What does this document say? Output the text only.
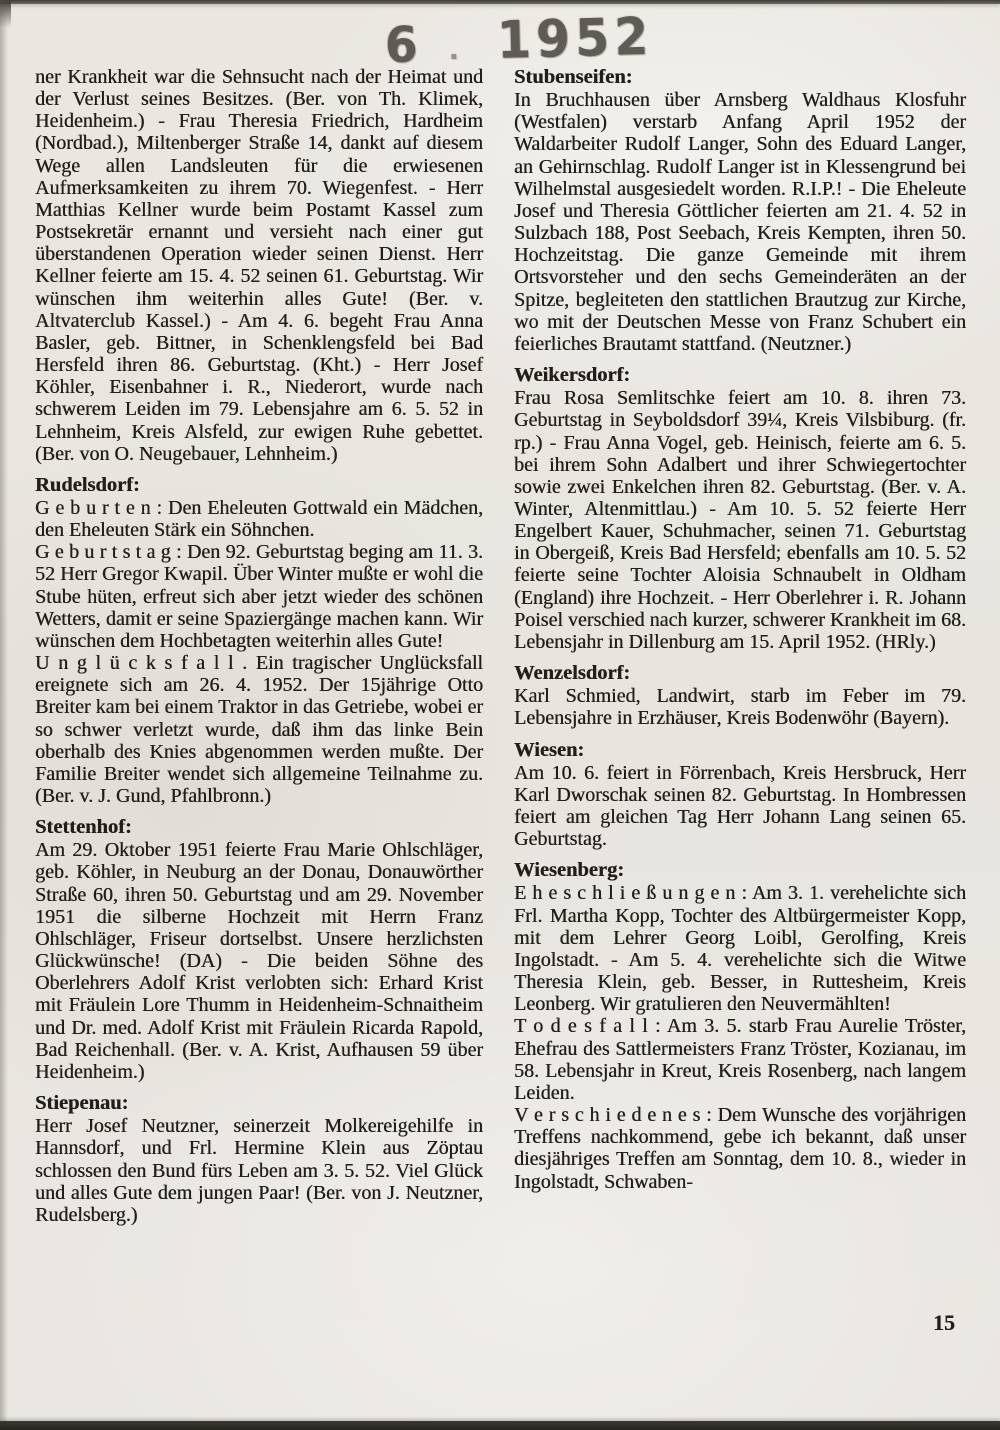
6 . 1952

ner Krankheit war die Sehnsucht nach der Heimat und der Verlust seines Besitzes. (Ber. von Th. Klimek, Heidenheim.) - Frau Theresia Friedrich, Hardheim (Nordbad.), Miltenberger Straße 14, dankt auf diesem Wege allen Landsleuten für die erwiesenen Aufmerksamkeiten zu ihrem 70. Wiegenfest. - Herr Matthias Kellner wurde beim Postamt Kassel zum Postsekretär ernannt und versieht nach einer gut überstandenen Operation wieder seinen Dienst. Herr Kellner feierte am 15. 4. 52 seinen 61. Geburtstag. Wir wünschen ihm weiterhin alles Gute! (Ber. v. Altvaterclub Kassel.) - Am 4. 6. begeht Frau Anna Basler, geb. Bittner, in Schenklengsfeld bei Bad Hersfeld ihren 86. Geburtstag. (Kht.) - Herr Josef Köhler, Eisenbahner i. R., Niederort, wurde nach schwerem Leiden im 79. Lebensjahre am 6. 5. 52 in Lehnheim, Kreis Alsfeld, zur ewigen Ruhe gebettet. (Ber. von O. Neugebauer, Lehnheim.)

Rudelsdorf:

G e b u r t e n : Den Eheleuten Gottwald ein Mädchen, den Eheleuten Stärk ein Söhnchen.

G e b u r t s t a g : Den 92. Geburtstag beging am 11. 3. 52 Herr Gregor Kwapil. Über Winter mußte er wohl die Stube hüten, erfreut sich aber jetzt wieder des schönen Wetters, damit er seine Spaziergänge machen kann. Wir wünschen dem Hochbetagten weiterhin alles Gute!

U n g l ü c k s f a l l . Ein tragischer Unglücksfall ereignete sich am 26. 4. 1952. Der 15jährige Otto Breiter kam bei einem Traktor in das Getriebe, wobei er so schwer verletzt wurde, daß ihm das linke Bein oberhalb des Knies abgenommen werden mußte. Der Familie Breiter wendet sich allgemeine Teilnahme zu. (Ber. v. J. Gund, Pfahlbronn.)

Stettenhof:

Am 29. Oktober 1951 feierte Frau Marie Ohlschläger, geb. Köhler, in Neuburg an der Donau, Donauwörther Straße 60, ihren 50. Geburtstag und am 29. November 1951 die silberne Hochzeit mit Herrn Franz Ohlschläger, Friseur dortselbst. Unsere herzlichsten Glückwünsche! (DA) - Die beiden Söhne des Oberlehrers Adolf Krist verlobten sich: Erhard Krist mit Fräulein Lore Thumm in Heidenheim-Schnaitheim und Dr. med. Adolf Krist mit Fräulein Ricarda Rapold, Bad Reichenhall. (Ber. v. A. Krist, Aufhausen 59 über Heidenheim.)

Stiepenau:

Herr Josef Neutzner, seinerzeit Molkereigehilfe in Hannsdorf, und Frl. Hermine Klein aus Zöptau schlossen den Bund fürs Leben am 3. 5. 52. Viel Glück und alles Gute dem jungen Paar! (Ber. von J. Neutzner, Rudelsberg.)

Stubenseifen:

In Bruchhausen über Arnsberg Waldhaus Klosfuhr (Westfalen) verstarb Anfang April 1952 der Waldarbeiter Rudolf Langer, Sohn des Eduard Langer, an Gehirnschlag. Rudolf Langer ist in Klessengrund bei Wilhelmstal ausgesiedelt worden. R.I.P.! - Die Eheleute Josef und Theresia Göttlicher feierten am 21. 4. 52 in Sulzbach 188, Post Seebach, Kreis Kempten, ihren 50. Hochzeitstag. Die ganze Gemeinde mit ihrem Ortsvorsteher und den sechs Gemeinderäten an der Spitze, begleiteten den stattlichen Brautzug zur Kirche, wo mit der Deutschen Messe von Franz Schubert ein feierliches Brautamt stattfand. (Neutzner.)

Weikersdorf:

Frau Rosa Semlitschke feiert am 10. 8. ihren 73. Geburtstag in Seyboldsdorf 39¼, Kreis Vilsbiburg. (fr. rp.) - Frau Anna Vogel, geb. Heinisch, feierte am 6. 5. bei ihrem Sohn Adalbert und ihrer Schwiegertochter sowie zwei Enkelchen ihren 82. Geburtstag. (Ber. v. A. Winter, Altenmittlau.) - Am 10. 5. 52 feierte Herr Engelbert Kauer, Schuhmacher, seinen 71. Geburtstag in Obergeiß, Kreis Bad Hersfeld; ebenfalls am 10. 5. 52 feierte seine Tochter Aloisia Schnaubelt in Oldham (England) ihre Hochzeit. - Herr Oberlehrer i. R. Johann Poisel verschied nach kurzer, schwerer Krankheit im 68. Lebensjahr in Dillenburg am 15. April 1952. (HRly.)

Wenzelsdorf:

Karl Schmied, Landwirt, starb im Feber im 79. Lebensjahre in Erzhäuser, Kreis Bodenwöhr (Bayern).

Wiesen:

Am 10. 6. feiert in Förrenbach, Kreis Hersbruck, Herr Karl Dworschak seinen 82. Geburtstag. In Hombressen feiert am gleichen Tag Herr Johann Lang seinen 65. Geburtstag.

Wiesenberg:

E h e s c h l i e ß u n g e n : Am 3. 1. verehelichte sich Frl. Martha Kopp, Tochter des Altbürgermeister Kopp, mit dem Lehrer Georg Loibl, Gerolfing, Kreis Ingolstadt. - Am 5. 4. verehelichte sich die Witwe Theresia Klein, geb. Besser, in Ruttesheim, Kreis Leonberg. Wir gratulieren den Neuvermählten!

T o d e s f a l l : Am 3. 5. starb Frau Aurelie Tröster, Ehefrau des Sattlermeisters Franz Tröster, Kozianau, im 58. Lebensjahr in Kreut, Kreis Rosenberg, nach langem Leiden.

V e r s c h i e d e n e s : Dem Wunsche des vorjährigen Treffens nachkommend, gebe ich bekannt, daß unser diesjähriges Treffen am Sonntag, dem 10. 8., wieder in Ingolstadt, Schwaben-

15
